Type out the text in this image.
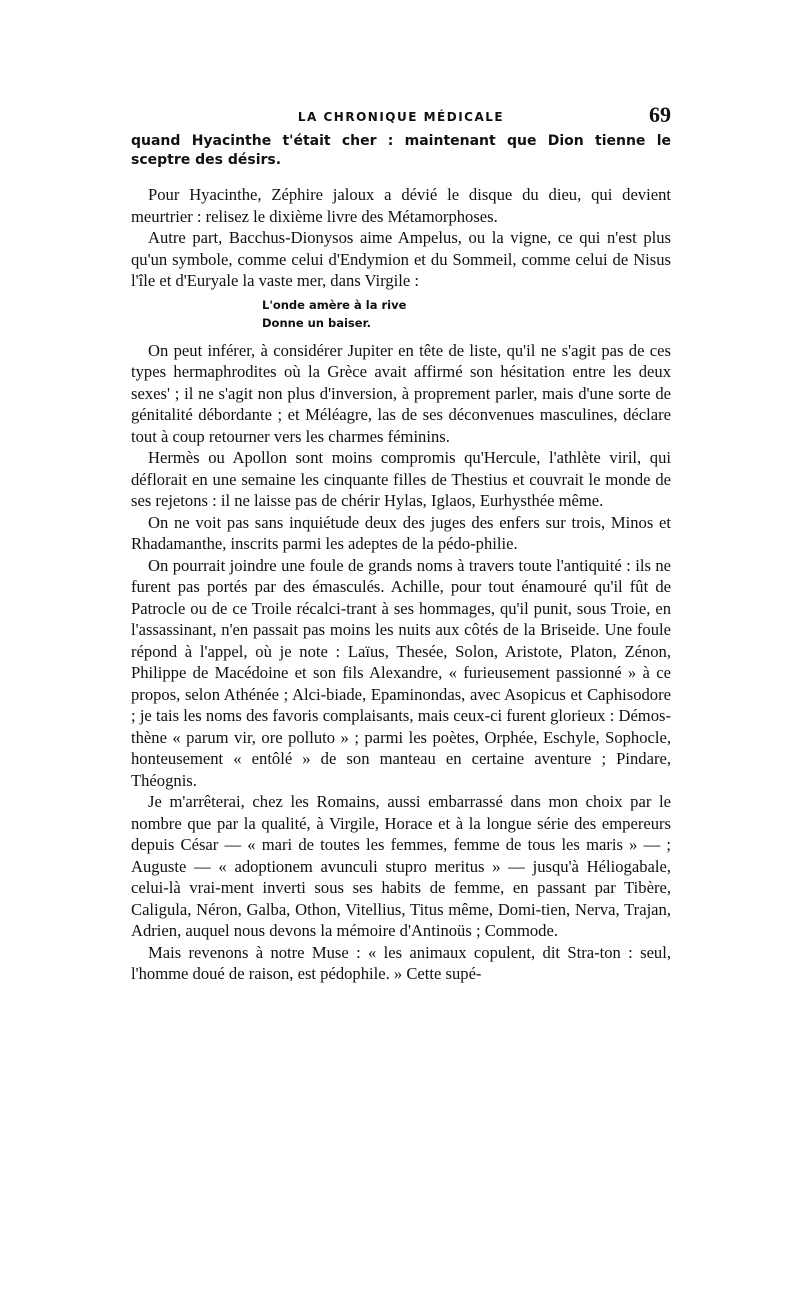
LA CHRONIQUE MÉDICALE	69

quand Hyacinthe t'était cher : maintenant que Dion tienne le sceptre des désirs.

Pour Hyacinthe, Zéphire jaloux a dévié le disque du dieu, qui devient meurtrier : relisez le dixième livre des Métamorphoses.

Autre part, Bacchus-Dionysos aime Ampelus, ou la vigne, ce qui n'est plus qu'un symbole, comme celui d'Endymion et du Sommeil, comme celui de Nisus l'île et d'Euryale la vaste mer, dans Virgile :

L'onde amère à la rive
Donne un baiser.

On peut inférer, à considérer Jupiter en tête de liste, qu'il ne s'agit pas de ces types hermaphrodites où la Grèce avait affirmé son hésitation entre les deux sexes' ; il ne s'agit non plus d'inversion, à proprement parler, mais d'une sorte de génitalité débordante ; et Méléagre, las de ses déconvenues masculines, déclare tout à coup retourner vers les charmes féminins.

Hermès ou Apollon sont moins compromis qu'Hercule, l'athlète viril, qui déflorait en une semaine les cinquante filles de Thestius et couvrait le monde de ses rejetons : il ne laisse pas de chérir Hylas, Iglaos, Eurhysthée même.

On ne voit pas sans inquiétude deux des juges des enfers sur trois, Minos et Rhadamanthe, inscrits parmi les adeptes de la pédo-philie.

On pourrait joindre une foule de grands noms à travers toute l'antiquité : ils ne furent pas portés par des émasculés. Achille, pour tout énamouré qu'il fût de Patrocle ou de ce Troile récalci-trant à ses hommages, qu'il punit, sous Troie, en l'assassinant, n'en passait pas moins les nuits aux côtés de la Briseide. Une foule répond à l'appel, où je note : Laïus, Thesée, Solon, Aristote, Platon, Zénon, Philippe de Macédoine et son fils Alexandre, « furieusement passionné » à ce propos, selon Athénée ; Alci-biade, Epaminondas, avec Asopicus et Caphisodore ; je tais les noms des favoris complaisants, mais ceux-ci furent glorieux : Démos-thène « parum vir, ore polluto » ; parmi les poètes, Orphée, Eschyle, Sophocle, honteusement « entôlé » de son manteau en certaine aventure ; Pindare, Théognis.

Je m'arrêterai, chez les Romains, aussi embarrassé dans mon choix par le nombre que par la qualité, à Virgile, Horace et à la longue série des empereurs depuis César — « mari de toutes les femmes, femme de tous les maris » — ; Auguste — « adoptionem avunculi stupro meritus » — jusqu'à Héliogabale, celui-là vrai-ment inverti sous ses habits de femme, en passant par Tibère, Caligula, Néron, Galba, Othon, Vitellius, Titus même, Domi-tien, Nerva, Trajan, Adrien, auquel nous devons la mémoire d'Antinoüs ; Commode.

Mais revenons à notre Muse : « les animaux copulent, dit Stra-ton : seul, l'homme doué de raison, est pédophile. » Cette supé-
